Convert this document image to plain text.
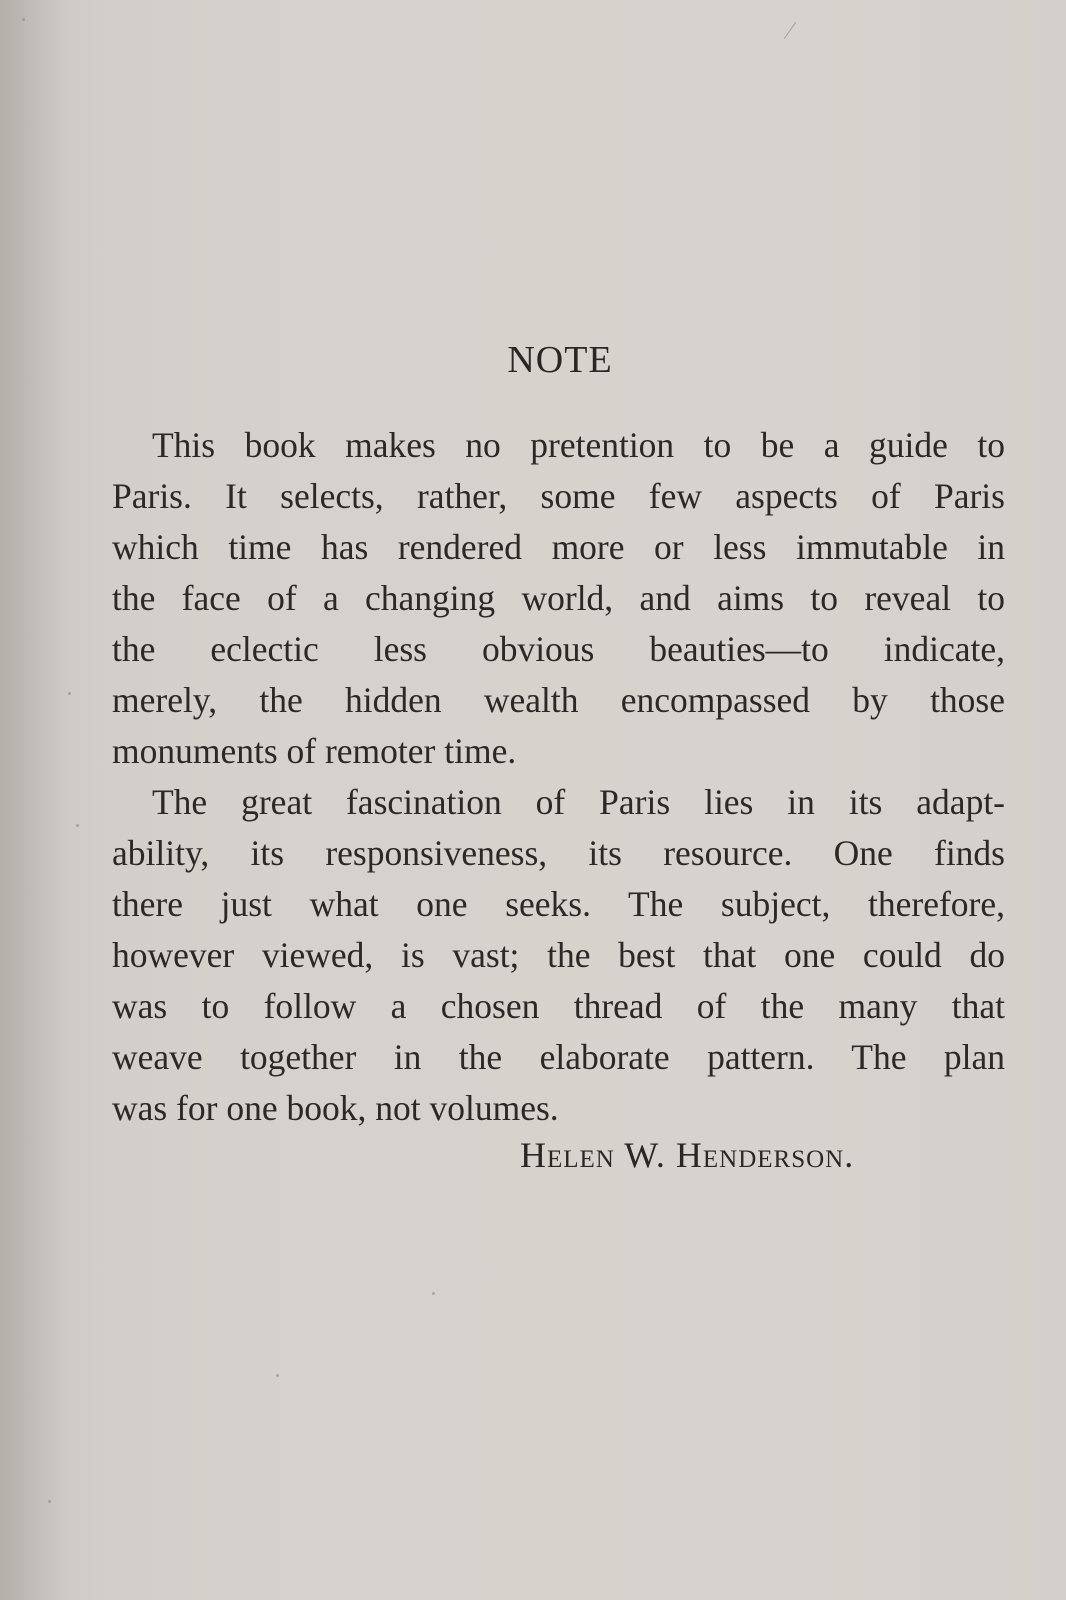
NOTE
This book makes no pretention to be a guide to
Paris. It selects, rather, some few aspects of Paris
which time has rendered more or less immutable in
the face of a changing world, and aims to reveal to
the eclectic less obvious beauties—to indicate,
merely, the hidden wealth encompassed by those
monuments of remoter time.
The great fascination of Paris lies in its adapt-
ability, its responsiveness, its resource. One finds
there just what one seeks. The subject, therefore,
however viewed, is vast; the best that one could do
was to follow a chosen thread of the many that
weave together in the elaborate pattern. The plan
was for one book, not volumes.
Helen W. Henderson.
